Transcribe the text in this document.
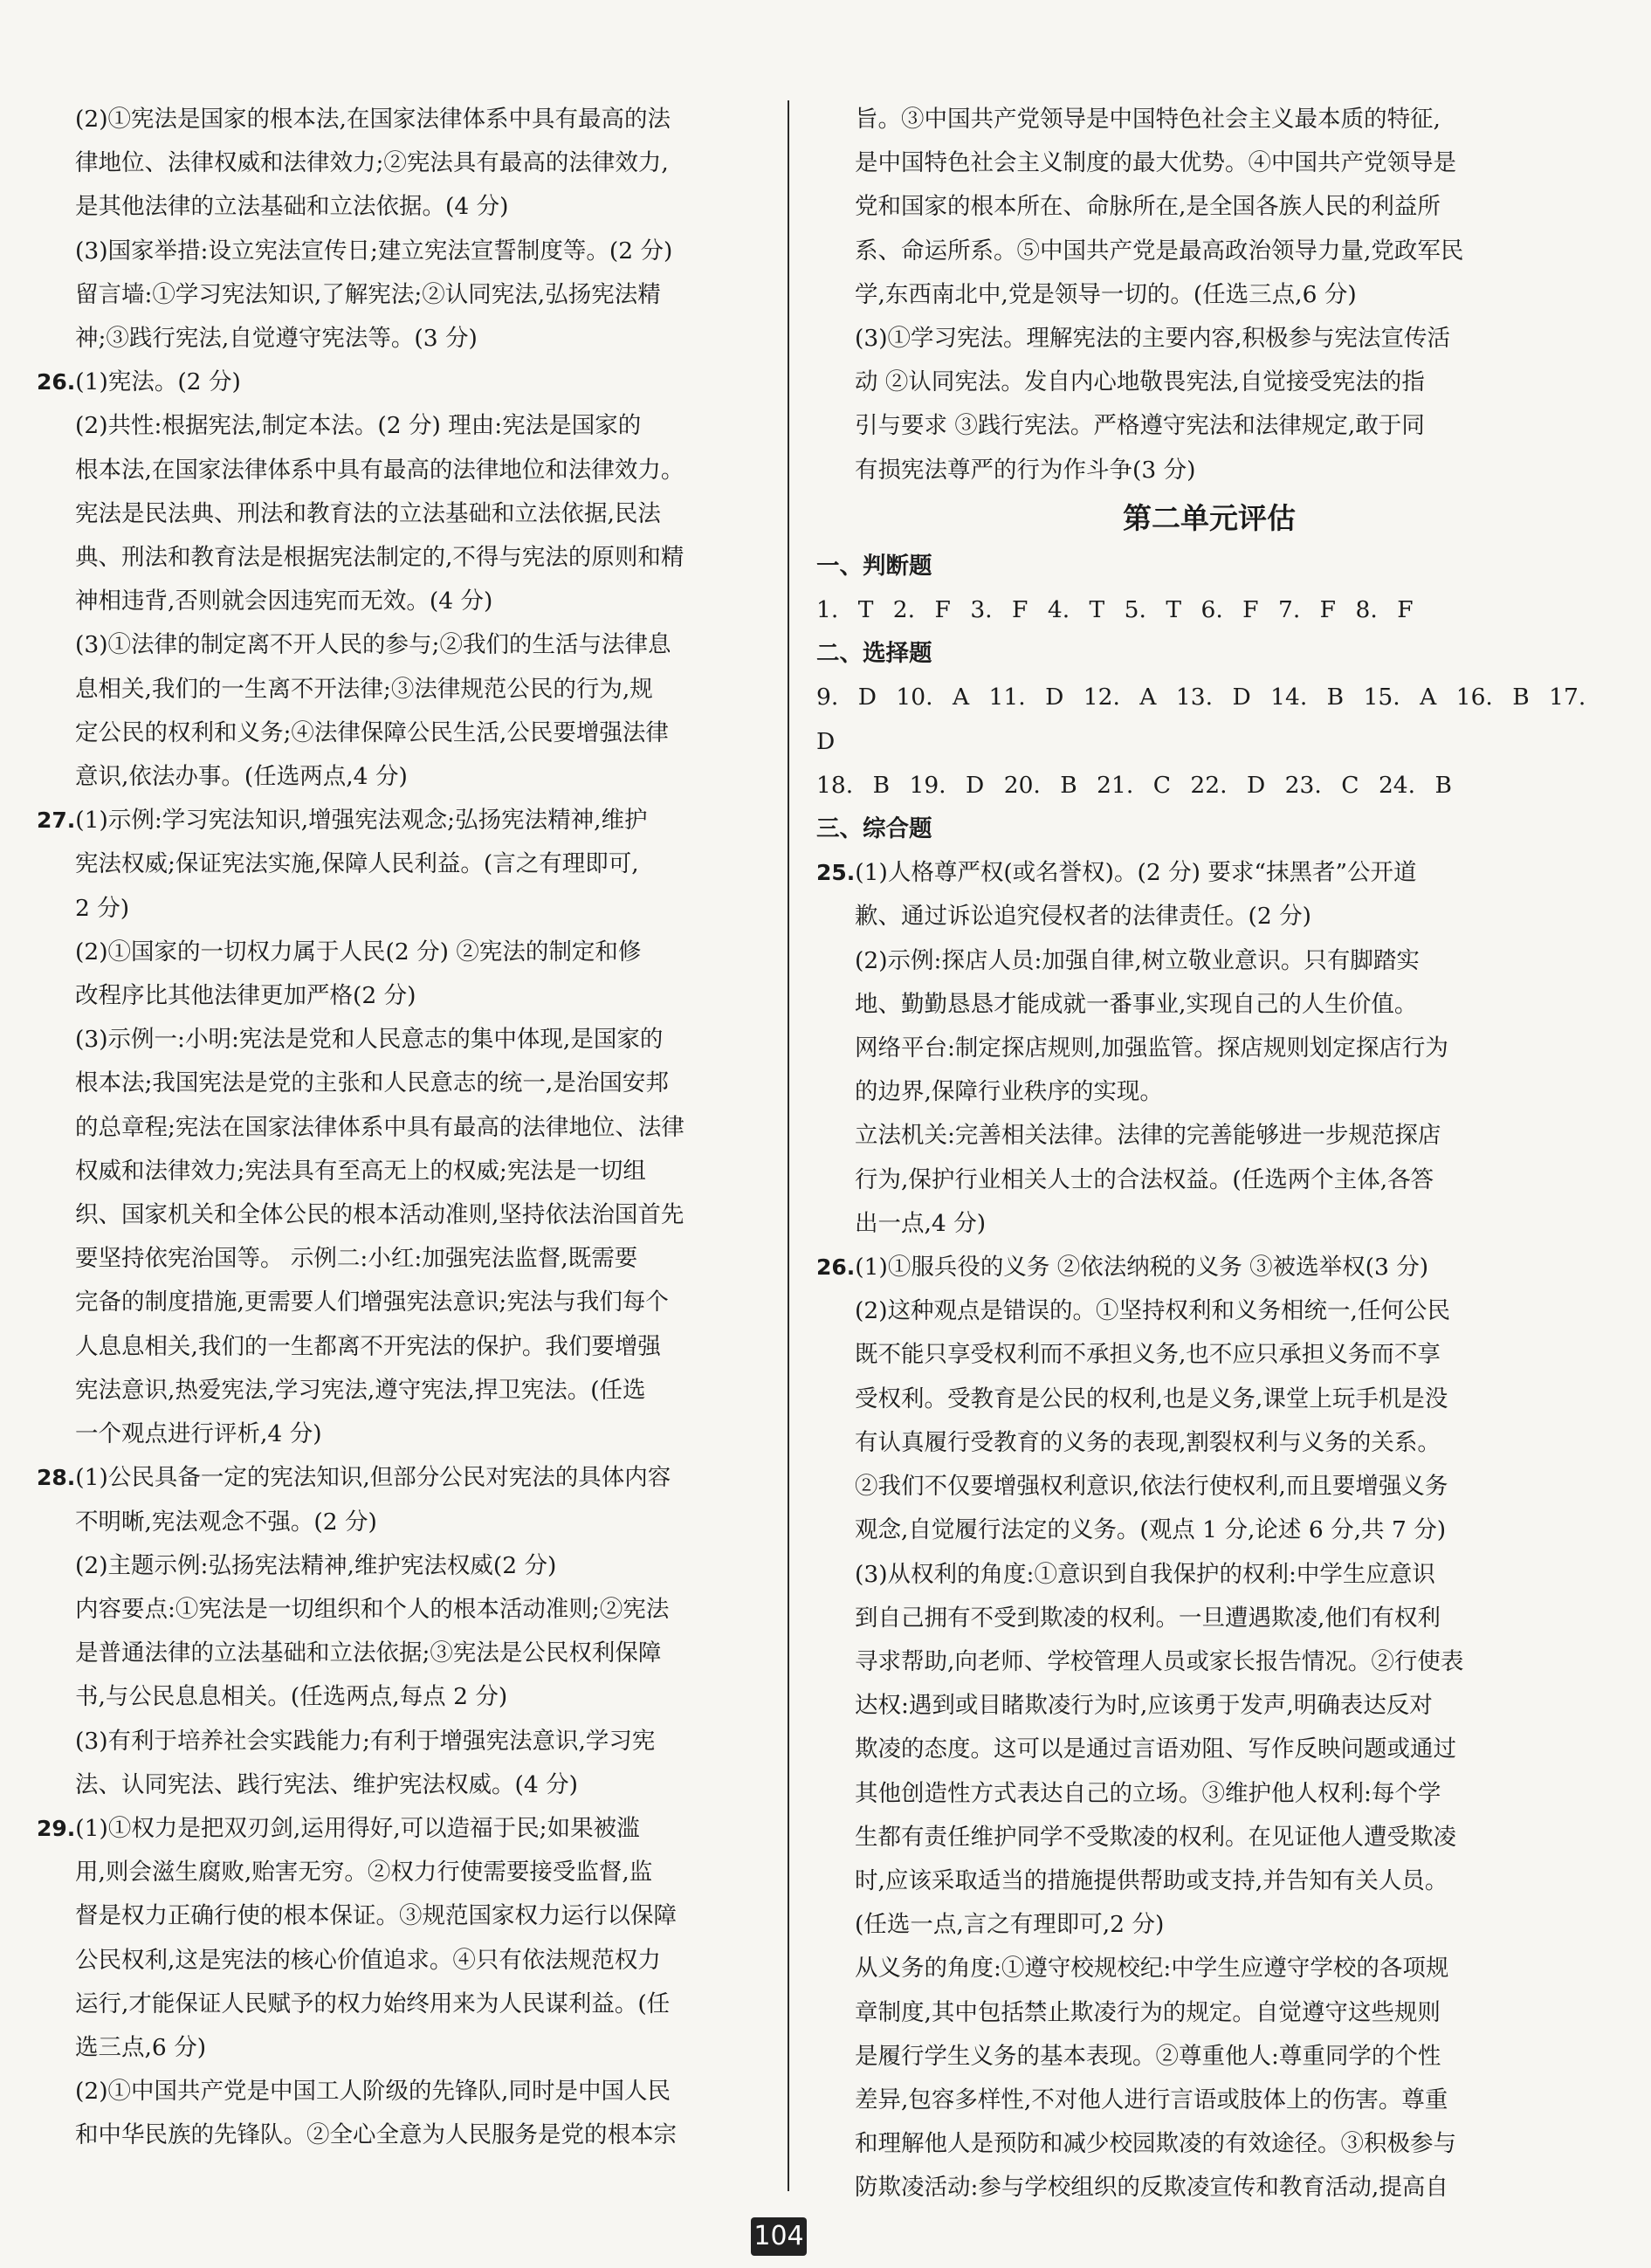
(2)①宪法是国家的根本法,在国家法律体系中具有最高的法

律地位、法律权威和法律效力;②宪法具有最高的法律效力,

是其他法律的立法基础和立法依据。(4 分)

(3)国家举措:设立宪法宣传日;建立宪法宣誓制度等。(2 分)

留言墙:①学习宪法知识,了解宪法;②认同宪法,弘扬宪法精

神;③践行宪法,自觉遵守宪法等。(3 分)

26.(1)宪法。(2 分)

(2)共性:根据宪法,制定本法。(2 分) 理由:宪法是国家的

根本法,在国家法律体系中具有最高的法律地位和法律效力。

宪法是民法典、刑法和教育法的立法基础和立法依据,民法

典、刑法和教育法是根据宪法制定的,不得与宪法的原则和精

神相违背,否则就会因违宪而无效。(4 分)

(3)①法律的制定离不开人民的参与;②我们的生活与法律息

息相关,我们的一生离不开法律;③法律规范公民的行为,规

定公民的权利和义务;④法律保障公民生活,公民要增强法律

意识,依法办事。(任选两点,4 分)

27.(1)示例:学习宪法知识,增强宪法观念;弘扬宪法精神,维护

宪法权威;保证宪法实施,保障人民利益。(言之有理即可,

2 分)

(2)①国家的一切权力属于人民(2 分) ②宪法的制定和修

改程序比其他法律更加严格(2 分)

(3)示例一:小明:宪法是党和人民意志的集中体现,是国家的

根本法;我国宪法是党的主张和人民意志的统一,是治国安邦

的总章程;宪法在国家法律体系中具有最高的法律地位、法律

权威和法律效力;宪法具有至高无上的权威;宪法是一切组

织、国家机关和全体公民的根本活动准则,坚持依法治国首先

要坚持依宪治国等。 示例二:小红:加强宪法监督,既需要

完备的制度措施,更需要人们增强宪法意识;宪法与我们每个

人息息相关,我们的一生都离不开宪法的保护。我们要增强

宪法意识,热爱宪法,学习宪法,遵守宪法,捍卫宪法。(任选

一个观点进行评析,4 分)

28.(1)公民具备一定的宪法知识,但部分公民对宪法的具体内容

不明晰,宪法观念不强。(2 分)

(2)主题示例:弘扬宪法精神,维护宪法权威(2 分)

内容要点:①宪法是一切组织和个人的根本活动准则;②宪法

是普通法律的立法基础和立法依据;③宪法是公民权利保障

书,与公民息息相关。(任选两点,每点 2 分)

(3)有利于培养社会实践能力;有利于增强宪法意识,学习宪

法、认同宪法、践行宪法、维护宪法权威。(4 分)

29.(1)①权力是把双刃剑,运用得好,可以造福于民;如果被滥

用,则会滋生腐败,贻害无穷。②权力行使需要接受监督,监

督是权力正确行使的根本保证。③规范国家权力运行以保障

公民权利,这是宪法的核心价值追求。④只有依法规范权力

运行,才能保证人民赋予的权力始终用来为人民谋利益。(任

选三点,6 分)

(2)①中国共产党是中国工人阶级的先锋队,同时是中国人民

和中华民族的先锋队。②全心全意为人民服务是党的根本宗

旨。③中国共产党领导是中国特色社会主义最本质的特征,

是中国特色社会主义制度的最大优势。④中国共产党领导是

党和国家的根本所在、命脉所在,是全国各族人民的利益所

系、命运所系。⑤中国共产党是最高政治领导力量,党政军民

学,东西南北中,党是领导一切的。(任选三点,6 分)

(3)①学习宪法。理解宪法的主要内容,积极参与宪法宣传活

动 ②认同宪法。发自内心地敬畏宪法,自觉接受宪法的指

引与要求 ③践行宪法。严格遵守宪法和法律规定,敢于同

有损宪法尊严的行为作斗争(3 分)

第二单元评估

一、判断题

1. T 2. F 3. F 4. T 5. T 6. F 7. F 8. F

二、选择题

9. D 10. A 11. D 12. A 13. D 14. B 15. A 16. B 17. D

18. B 19. D 20. B 21. C 22. D 23. C 24. B

三、综合题

25.(1)人格尊严权(或名誉权)。(2 分) 要求“抹黑者”公开道

歉、通过诉讼追究侵权者的法律责任。(2 分)

(2)示例:探店人员:加强自律,树立敬业意识。只有脚踏实

地、勤勤恳恳才能成就一番事业,实现自己的人生价值。

网络平台:制定探店规则,加强监管。探店规则划定探店行为

的边界,保障行业秩序的实现。

立法机关:完善相关法律。法律的完善能够进一步规范探店

行为,保护行业相关人士的合法权益。(任选两个主体,各答

出一点,4 分)

26.(1)①服兵役的义务 ②依法纳税的义务 ③被选举权(3 分)

(2)这种观点是错误的。①坚持权利和义务相统一,任何公民

既不能只享受权利而不承担义务,也不应只承担义务而不享

受权利。受教育是公民的权利,也是义务,课堂上玩手机是没

有认真履行受教育的义务的表现,割裂权利与义务的关系。

②我们不仅要增强权利意识,依法行使权利,而且要增强义务

观念,自觉履行法定的义务。(观点 1 分,论述 6 分,共 7 分)

(3)从权利的角度:①意识到自我保护的权利:中学生应意识

到自己拥有不受到欺凌的权利。一旦遭遇欺凌,他们有权利

寻求帮助,向老师、学校管理人员或家长报告情况。②行使表

达权:遇到或目睹欺凌行为时,应该勇于发声,明确表达反对

欺凌的态度。这可以是通过言语劝阻、写作反映问题或通过

其他创造性方式表达自己的立场。③维护他人权利:每个学

生都有责任维护同学不受欺凌的权利。在见证他人遭受欺凌

时,应该采取适当的措施提供帮助或支持,并告知有关人员。

(任选一点,言之有理即可,2 分)

从义务的角度:①遵守校规校纪:中学生应遵守学校的各项规

章制度,其中包括禁止欺凌行为的规定。自觉遵守这些规则

是履行学生义务的基本表现。②尊重他人:尊重同学的个性

差异,包容多样性,不对他人进行言语或肢体上的伤害。尊重

和理解他人是预防和减少校园欺凌的有效途径。③积极参与

防欺凌活动:参与学校组织的反欺凌宣传和教育活动,提高自

104
